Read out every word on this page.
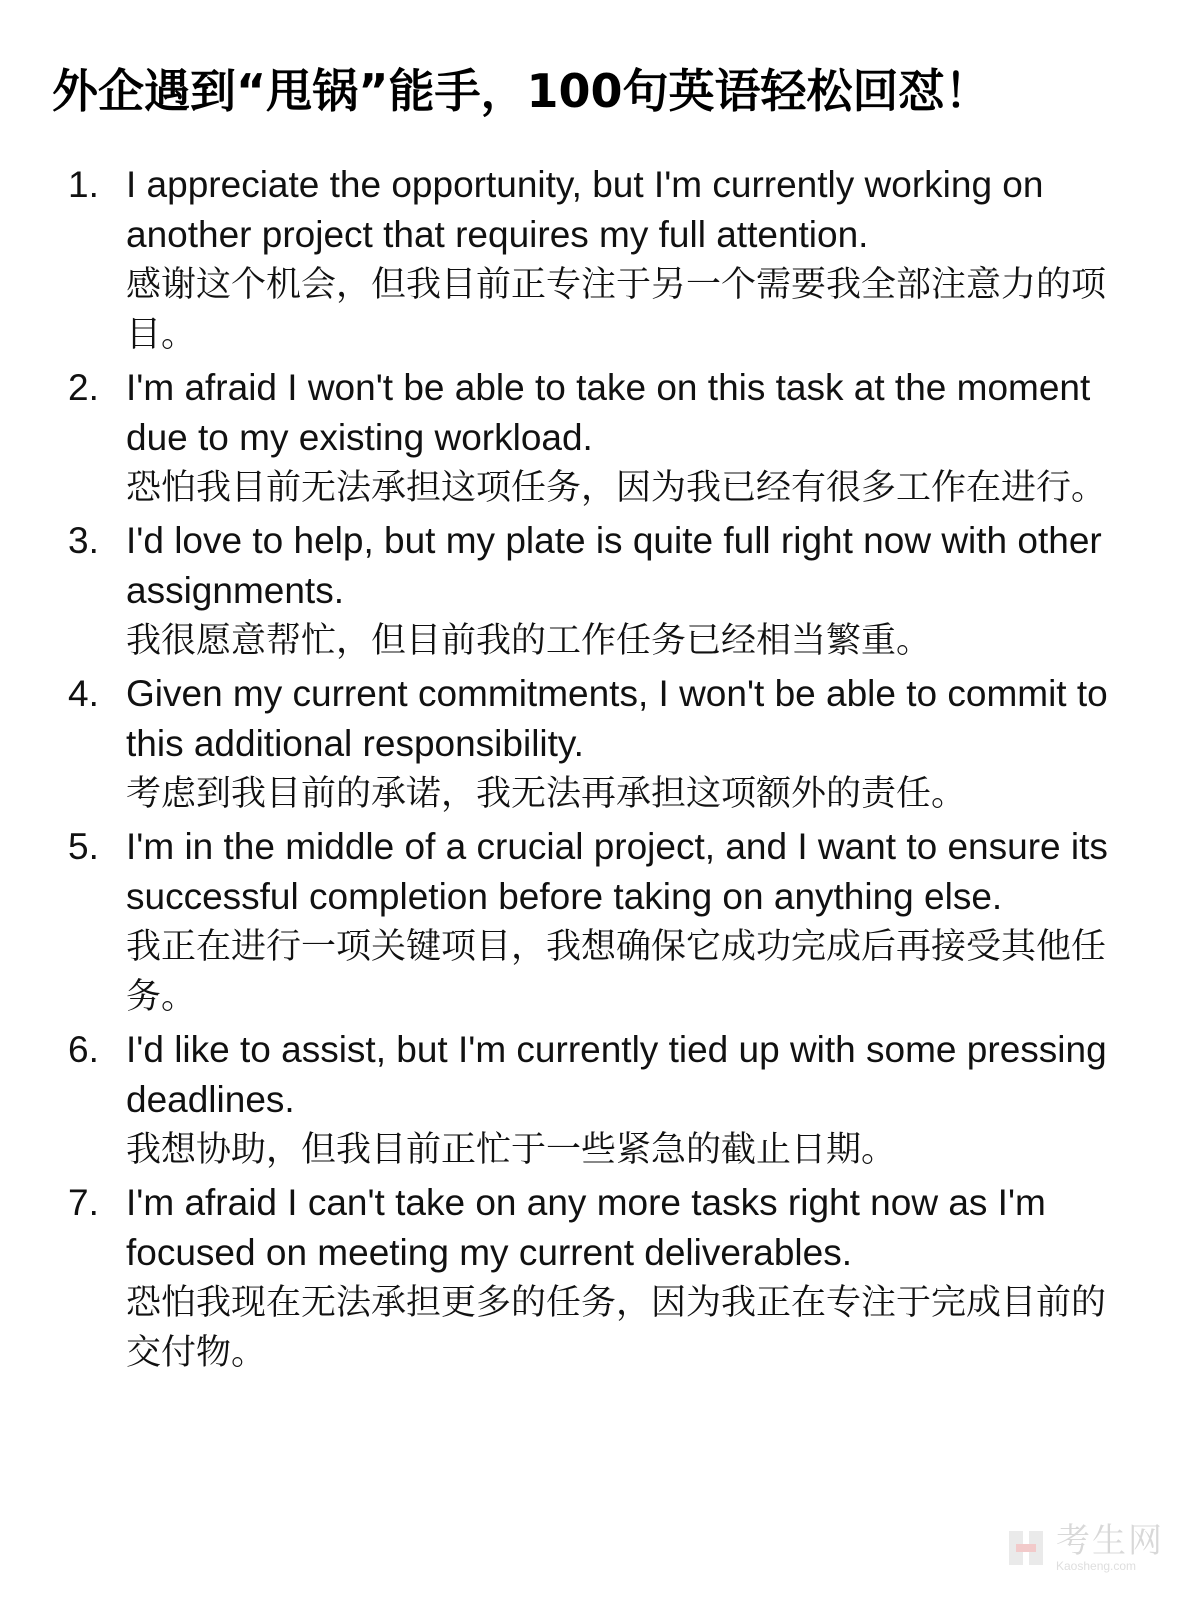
外企遇到“甩锅”能手，100句英语轻松回怼！
1. I appreciate the opportunity, but I'm currently working on another project that requires my full attention.

感谢这个机会，但我目前正专注于另一个需要我全部注意力的项目。

2. I'm afraid I won't be able to take on this task at the moment due to my existing workload.

恐怕我目前无法承担这项任务，因为我已经有很多工作在进行。

3. I'd love to help, but my plate is quite full right now with other assignments.

我很愿意帮忙，但目前我的工作任务已经相当繁重。

4. Given my current commitments, I won't be able to commit to this additional responsibility.

考虑到我目前的承诺，我无法再承担这项额外的责任。

5. I'm in the middle of a crucial project, and I want to ensure its successful completion before taking on anything else.

我正在进行一项关键项目，我想确保它成功完成后再接受其他任务。

6. I'd like to assist, but I'm currently tied up with some pressing deadlines.

我想协助，但我目前正忙于一些紧急的截止日期。

7. I'm afraid I can't take on any more tasks right now as I'm focused on meeting my current deliverables.

恐怕我现在无法承担更多的任务，因为我正在专注于完成目前的交付物。

考生网
Kaosheng.com
